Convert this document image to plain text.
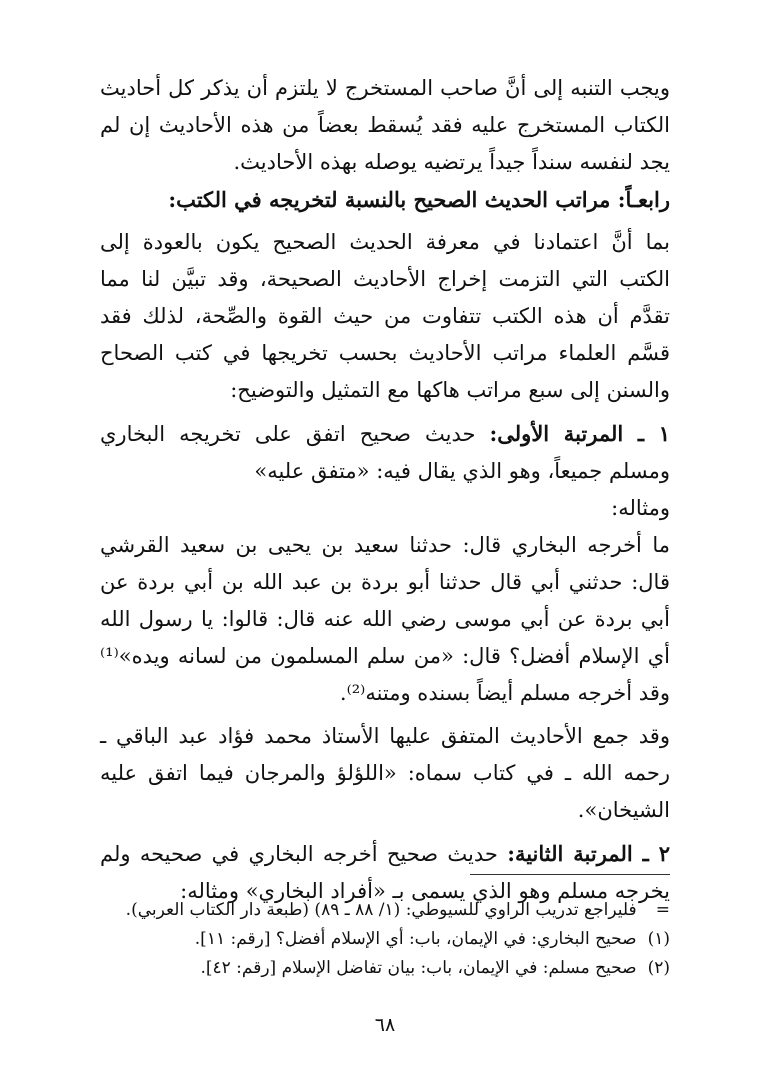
ويجب التنبه إلى أنَّ صاحب المستخرج لا يلتزم أن يذكر كل أحاديث الكتاب المستخرج عليه فقد يُسقط بعضاً من هذه الأحاديث إن لم يجد لنفسه سنداً جيداً يرتضيه يوصله بهذه الأحاديث.

رابعـاً: مراتب الحديث الصحيح بالنسبة لتخريجه في الكتب:

بما أنَّ اعتمادنا في معرفة الحديث الصحيح يكون بالعودة إلى الكتب التي التزمت إخراج الأحاديث الصحيحة، وقد تبيَّن لنا مما تقدَّم أن هذه الكتب تتفاوت من حيث القوة والصِّحة، لذلك فقد قسَّم العلماء مراتب الأحاديث بحسب تخريجها في كتب الصحاح والسنن إلى سبع مراتب هاكها مع التمثيل والتوضيح:

١ ـ المرتبة الأولى: حديث صحيح اتفق على تخريجه البخاري ومسلم جميعاً، وهو الذي يقال فيه: «متفق عليه»

ومثاله:

ما أخرجه البخاري قال: حدثنا سعيد بن يحيى بن سعيد القرشي قال: حدثني أبي قال حدثنا أبو بردة بن عبد الله بن أبي بردة عن أبي بردة عن أبي موسى رضي الله عنه قال: قالوا: يا رسول الله أي الإسلام أفضل؟ قال: «من سلم المسلمون من لسانه ويده»⁽¹⁾ وقد أخرجه مسلم أيضاً بسنده ومتنه⁽²⁾.

وقد جمع الأحاديث المتفق عليها الأستاذ محمد فؤاد عبد الباقي ـ رحمه الله ـ في كتاب سماه: «اللؤلؤ والمرجان فيما اتفق عليه الشيخان».

٢ ـ المرتبة الثانية: حديث صحيح أخرجه البخاري في صحيحه ولم يخرجه مسلم وهو الذي يسمى بـ «أفراد البخاري» ومثاله:

= فليراجع تدريب الراوي للسيوطي: (١/ ٨٨ ـ ٨٩) (طبعة دار الكتاب العربي).

(١) صحيح البخاري: في الإيمان، باب: أي الإسلام أفضل؟ [رقم: ١١].

(٢) صحيح مسلم: في الإيمان، باب: بيان تفاضل الإسلام [رقم: ٤٢].

٦٨
